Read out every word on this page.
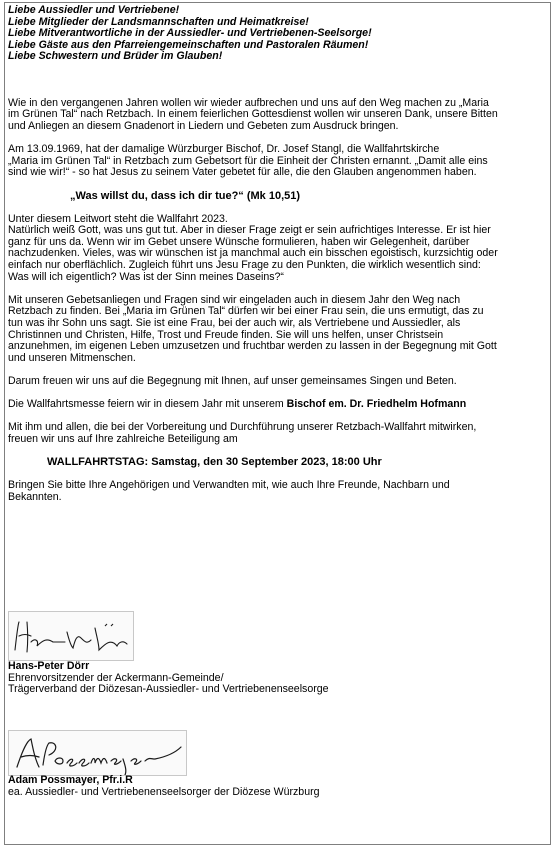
Liebe Aussiedler und Vertriebene!

Liebe Mitglieder der Landsmannschaften und Heimatkreise!

Liebe Mitverantwortliche in der Aussiedler- und Vertriebenen-Seelsorge!

Liebe Gäste aus den Pfarreiengemeinschaften und Pastoralen Räumen!

Liebe Schwestern und Brüder im Glauben!

Wie in den vergangenen Jahren wollen wir wieder aufbrechen und uns auf den Weg machen zu „Maria

im Grünen Tal“ nach Retzbach. In einem feierlichen Gottesdienst wollen wir unseren Dank, unsere Bitten

und Anliegen an diesem Gnadenort in Liedern und Gebeten zum Ausdruck bringen.

Am 13.09.1969, hat der damalige Würzburger Bischof, Dr. Josef Stangl, die Wallfahrtskirche

„Maria im Grünen Tal“ in Retzbach zum Gebetsort für die Einheit der Christen ernannt. „Damit alle eins

sind wie wir!“ - so hat Jesus zu seinem Vater gebetet für alle, die den Glauben angenommen haben.

„Was willst du, dass ich dir tue?“ (Mk 10,51)

Unter diesem Leitwort steht die Wallfahrt 2023.

Natürlich weiß Gott, was uns gut tut. Aber in dieser Frage zeigt er sein aufrichtiges Interesse. Er ist hier

ganz für uns da. Wenn wir im Gebet unsere Wünsche formulieren, haben wir Gelegenheit, darüber

nachzudenken. Vieles, was wir wünschen ist ja manchmal auch ein bisschen egoistisch, kurzsichtig oder

einfach nur oberflächlich. Zugleich führt uns Jesu Frage zu den Punkten, die wirklich wesentlich sind:

Was will ich eigentlich? Was ist der Sinn meines Daseins?“

Mit unseren Gebetsanliegen und Fragen sind wir eingeladen auch in diesem Jahr den Weg nach

Retzbach zu finden. Bei „Maria im Grünen Tal“ dürfen wir bei einer Frau sein, die uns ermutigt, das zu

tun was ihr Sohn uns sagt. Sie ist eine Frau, bei der auch wir, als Vertriebene und Aussiedler, als

Christinnen und Christen, Hilfe, Trost und Freude finden. Sie will uns helfen, unser Christsein

anzunehmen, im eigenen Leben umzusetzen und fruchtbar werden zu lassen in der Begegnung mit Gott

und unseren Mitmenschen.

Darum freuen wir uns auf die Begegnung mit Ihnen, auf unser gemeinsames Singen und Beten.

Die Wallfahrtsmesse feiern wir in diesem Jahr mit unserem Bischof em. Dr. Friedhelm Hofmann

Mit ihm und allen, die bei der Vorbereitung und Durchführung unserer Retzbach-Wallfahrt mitwirken,

freuen wir uns auf Ihre zahlreiche Beteiligung am

WALLFAHRTSTAG: Samstag, den 30 September 2023, 18:00 Uhr

Bringen Sie bitte Ihre Angehörigen und Verwandten mit, wie auch Ihre Freunde, Nachbarn und

Bekannten.

Hans-Peter Dörr

Ehrenvorsitzender der Ackermann-Gemeinde/

Trägerverband der Diözesan-Aussiedler- und Vertriebenenseelsorge

Adam Possmayer, Pfr.i.R

ea. Aussiedler- und Vertriebenenseelsorger der Diözese Würzburg
